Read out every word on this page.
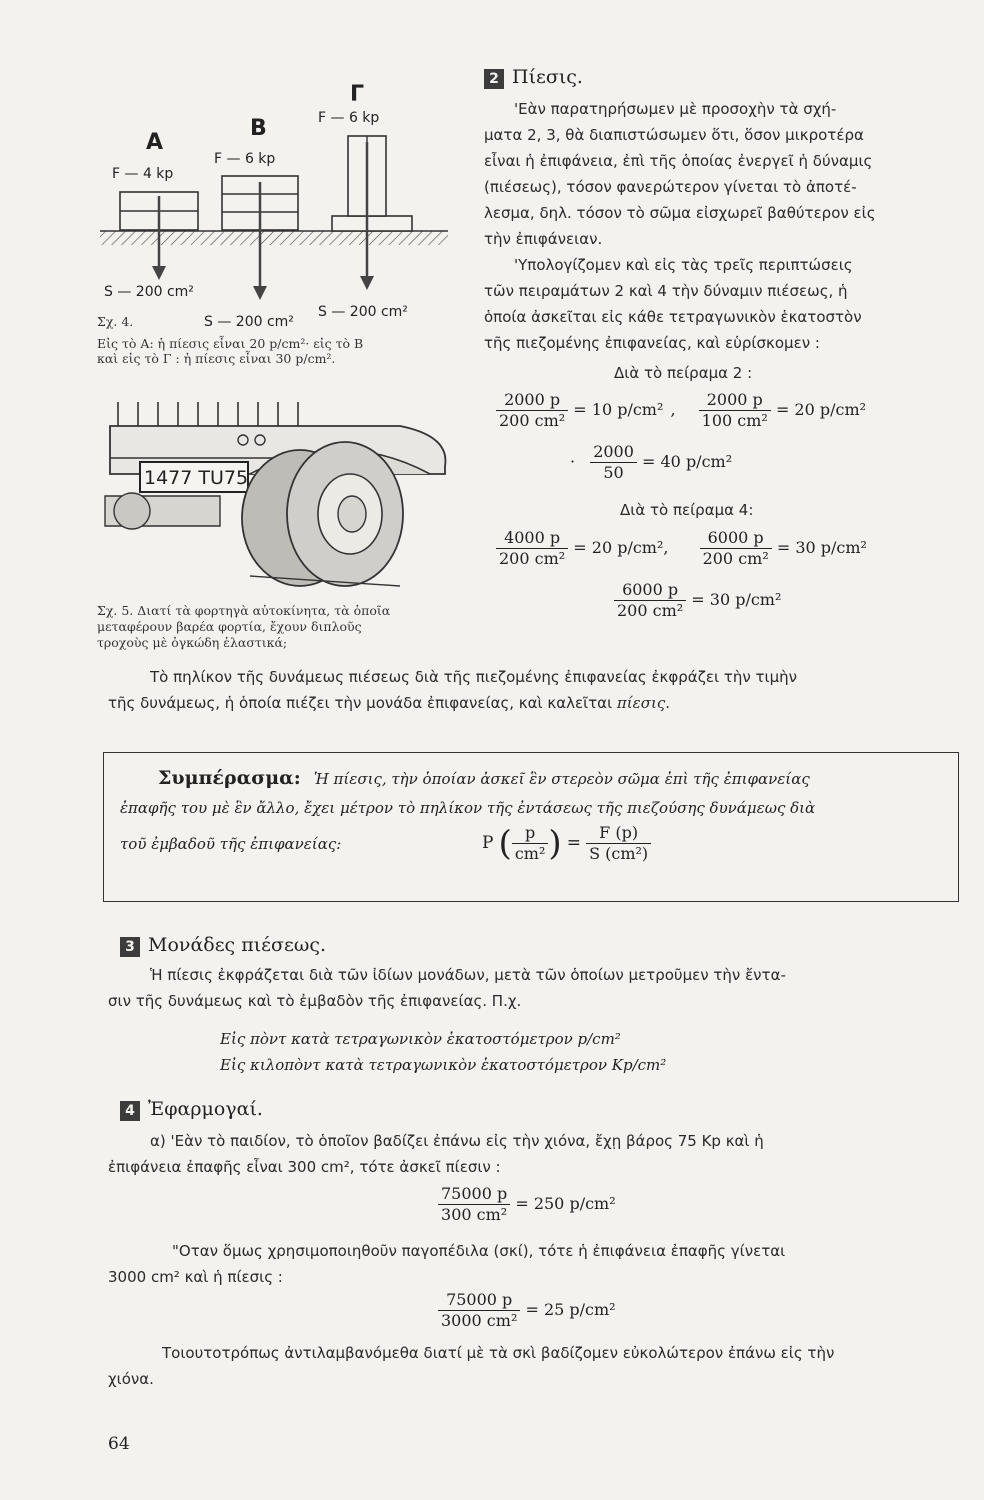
A
B
Γ
F — 4 kp
F — 6 kp
F — 6 kp
S — 200 cm²
S — 200 cm²
S — 200 cm²
Σχ. 4.
Εἰς τὸ Α: ἡ πίεσις εἶναι 20 p/cm²· εἰς τὸ Β
καὶ εἰς τὸ Γ : ἡ πίεσις εἶναι 30 p/cm².
1477 TU75
Σχ. 5. Διατί τὰ φορτηγὰ αὐτοκίνητα, τὰ ὁποῖα
μεταφέρουν βαρέα φορτία, ἔχουν διπλοῦς
τροχοὺς μὲ ὀγκώδη ἐλαστικά;
2 Πίεσις.
'Εὰν παρατηρήσωμεν μὲ προσοχὴν τὰ σχή-
ματα 2, 3, θὰ διαπιστώσωμεν ὅτι, ὅσον μικροτέρα
εἶναι ἡ ἐπιφάνεια, ἐπὶ τῆς ὁποίας ἐνεργεῖ ἡ δύναμις
(πιέσεως), τόσον φανερώτερον γίνεται τὸ ἀποτέ-
λεσμα, δηλ. τόσον τὸ σῶμα εἰσχωρεῖ βαθύτερον εἰς
τὴν ἐπιφάνειαν.
'Υπολογίζομεν καὶ εἰς τὰς τρεῖς περιπτώσεις
τῶν πειραμάτων 2 καὶ 4 τὴν δύναμιν πιέσεως, ἡ
ὁποία ἀσκεῖται εἰς κάθε τετραγωνικὸν ἑκατοστὸν
τῆς πιεζομένης ἐπιφανείας, καὶ εὑρίσκομεν :
Διὰ τὸ πείραμα 2 :
$\frac{2000 p}{\text{200 cm²}} = 10$ p/cm² , $\frac{2000 p}{\text{100 cm²}} = 20$ p/cm²
· $\frac{2000}{50} = 40$ p/cm²
Διὰ τὸ πείραμα 4:
$\frac{4000 p}{\text{200 cm²}} = 20$ p/cm², $\frac{6000 p}{\text{200 cm²}} = 30$ p/cm²
$\frac{6000 p}{\text{200 cm²}} = 30$ p/cm²
Τὸ πηλίκον τῆς δυνάμεως πιέσεως διὰ τῆς πιεζομένης ἐπιφανείας ἐκφράζει τὴν τιμὴν
τῆς δυνάμεως, ἡ ὁποία πιέζει τὴν μονάδα ἐπιφανείας, καὶ καλεῖται πίεσις.
Συμπέρασμα: Ἡ πίεσις, τὴν ὁποίαν ἀσκεῖ ἓν στερεὸν σῶμα ἐπὶ τῆς ἐπιφανείας
ἐπαφῆς του μὲ ἓν ἄλλο, ἔχει μέτρον τὸ πηλίκον τῆς ἐντάσεως τῆς πιεζούσης δυνάμεως διὰ
τοῦ ἐμβαδοῦ τῆς ἐπιφανείας:	P ( $\frac{p}{\text{cm²}}$ ) = $\frac{F (p)}{\text{S (cm²)}}$
3 Μονάδες πιέσεως.
Ἡ πίεσις ἐκφράζεται διὰ τῶν ἰδίων μονάδων, μετὰ τῶν ὁποίων μετροῦμεν τὴν ἔντα-
σιν τῆς δυνάμεως καὶ τὸ ἐμβαδὸν τῆς ἐπιφανείας. Π.χ.
Εἰς πὸντ κατὰ τετραγωνικὸν ἑκατοστόμετρον p/cm²
Εἰς κιλοπὸντ κατὰ τετραγωνικὸν ἑκατοστόμετρον Kp/cm²
4 Ἐφαρμογαί.
α) 'Εὰν τὸ παιδίον, τὸ ὁποῖον βαδίζει ἐπάνω εἰς τὴν χιόνα, ἔχῃ βάρος 75 Kp καὶ ἡ
ἐπιφάνεια ἐπαφῆς εἶναι 300 cm², τότε ἀσκεῖ πίεσιν :
$\frac{75000 p}{\text{300 cm²}} = 250$ p/cm²
"Οταν ὅμως χρησιμοποιηθοῦν παγοπέδιλα (σκί), τότε ἡ ἐπιφάνεια ἐπαφῆς γίνεται
3000 cm² καὶ ἡ πίεσις :
$\frac{75000 p}{\text{3000 cm²}} = 25$ p/cm²
Τοιουτοτρόπως ἀντιλαμβανόμεθα διατί μὲ τὰ σκὶ βαδίζομεν εὐκολώτερον ἐπάνω εἰς τὴν
χιόνα.
64
